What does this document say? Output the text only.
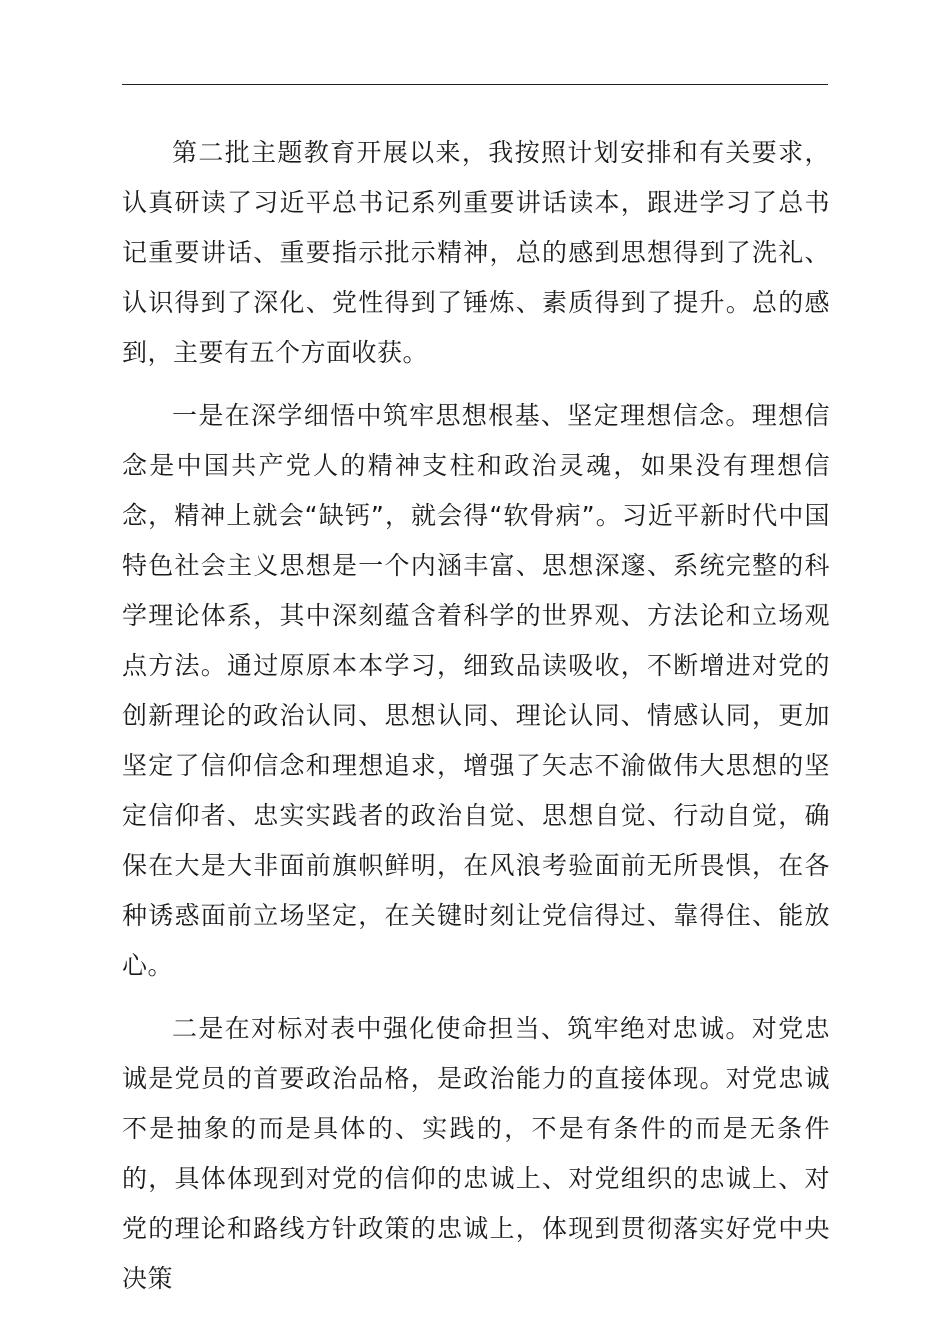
第二批主题教育开展以来，我按照计划安排和有关要求，认真研读了习近平总书记系列重要讲话读本，跟进学习了总书记重要讲话、重要指示批示精神，总的感到思想得到了洗礼、认识得到了深化、党性得到了锤炼、素质得到了提升。总的感到，主要有五个方面收获。

一是在深学细悟中筑牢思想根基、坚定理想信念。理想信念是中国共产党人的精神支柱和政治灵魂，如果没有理想信念，精神上就会“缺钙”，就会得“软骨病”。习近平新时代中国特色社会主义思想是一个内涵丰富、思想深邃、系统完整的科学理论体系，其中深刻蕴含着科学的世界观、方法论和立场观点方法。通过原原本本学习，细致品读吸收，不断增进对党的创新理论的政治认同、思想认同、理论认同、情感认同，更加坚定了信仰信念和理想追求，增强了矢志不渝做伟大思想的坚定信仰者、忠实实践者的政治自觉、思想自觉、行动自觉，确保在大是大非面前旗帜鲜明，在风浪考验面前无所畏惧，在各种诱惑面前立场坚定，在关键时刻让党信得过、靠得住、能放心。

二是在对标对表中强化使命担当、筑牢绝对忠诚。对党忠诚是党员的首要政治品格，是政治能力的直接体现。对党忠诚不是抽象的而是具体的、实践的，不是有条件的而是无条件的，具体体现到对党的信仰的忠诚上、对党组织的忠诚上、对党的理论和路线方针政策的忠诚上，体现到贯彻落实好党中央决策
